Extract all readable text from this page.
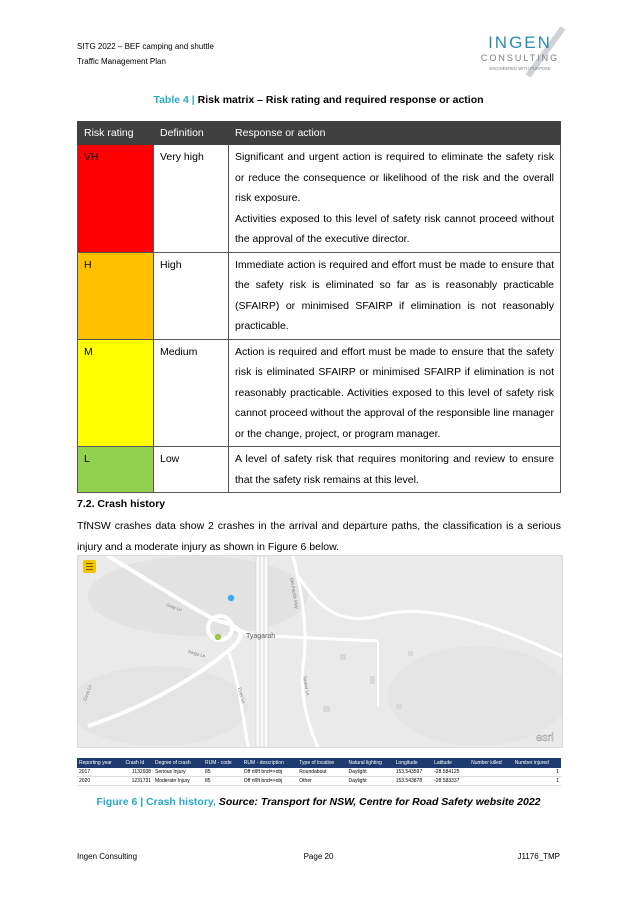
SITG 2022 – BEF camping and shuttle
Traffic Management Plan
INGEN
CONSULTING
ENGINEERED WITH PURPOSE
Table 4 | Risk matrix – Risk rating and required response or action
Risk rating	Definition	Response or action
VH	Very high	Significant and urgent action is required to eliminate the safety risk or reduce the consequence or likelihood of the risk and the overall risk exposure.
Activities exposed to this level of safety risk cannot proceed without the approval of the executive director.

H	High	Immediate action is required and effort must be made to ensure that the safety risk is eliminated so far as is reasonably practicable (SFAIRP) or minimised SFAIRP if elimination is not reasonably practicable.

M	Medium	Action is required and effort must be made to ensure that the safety risk is eliminated SFAIRP or minimised SFAIRP if elimination is not reasonably practicable. Activities exposed to this level of safety risk cannot proceed without the approval of the responsible line manager or the change, project, or program manager.

L	Low	A level of safety risk that requires monitoring and review to ensure that the safety risk remains at this level.
7.2. Crash history
TfNSW crashes data show 2 crashes in the arrival and departure paths, the classification is a serious injury and a moderate injury as shown in Figure 6 below.
Tyagarah
Gray Ln	Old Pacific Hwy
Kings Ln
Cess Ln	Tanner Ln
Eves Ln
esri
Reporting year	Crash Id	Degree of crash	RUM - code	RUM - description	Type of location	Natural lighting	Longitude	Latitude	Number killed	Number injured
2017	1132938	Serious Injury	85	Off rt/lft bnd=>obj	Roundabout	Daylight	153.543597	-28.584125		1
2020	1231731	Moderate Injury	85	Off rt/lft bnd=>obj	Other	Daylight	153.543878	-28.583337		1
Figure 6 | Crash history, Source: Transport for NSW, Centre for Road Safety website 2022
Ingen Consulting	Page 20	J1176_TMP
